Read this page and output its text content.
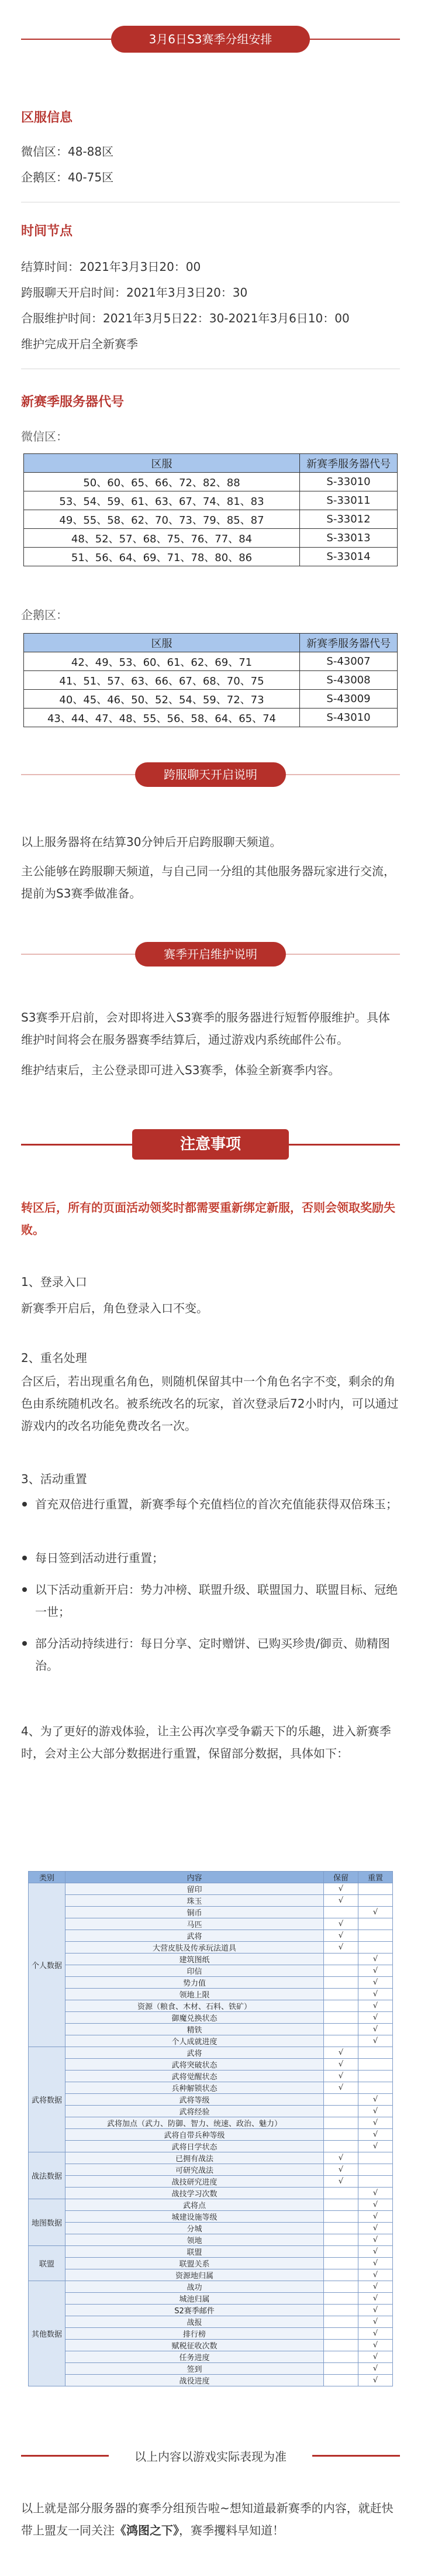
3月6日S3赛季分组安排
区服信息
微信区：48-88区
企鹅区：40-75区
时间节点
结算时间：2021年3月3日20：00
跨服聊天开启时间：2021年3月3日20：30
合服维护时间：2021年3月5日22：30-2021年3月6日10：00
维护完成开启全新赛季
新赛季服务器代号
微信区：
区服	新赛季服务器代号
50、60、65、66、72、82、88	S-33010
53、54、59、61、63、67、74、81、83	S-33011
49、55、58、62、70、73、79、85、87	S-33012
48、52、57、68、75、76、77、84	S-33013
51、56、64、69、71、78、80、86	S-33014
企鹅区：
区服	新赛季服务器代号
42、49、53、60、61、62、69、71	S-43007
41、51、57、63、66、67、68、70、75	S-43008
40、45、46、50、52、54、59、72、73	S-43009
43、44、47、48、55、56、58、64、65、74	S-43010
跨服聊天开启说明
以上服务器将在结算30分钟后开启跨服聊天频道。
主公能够在跨服聊天频道，与自己同一分组的其他服务器玩家进行交流，提前为S3赛季做准备。
赛季开启维护说明
S3赛季开启前，会对即将进入S3赛季的服务器进行短暂停服维护。具体维护时间将会在服务器赛季结算后，通过游戏内系统邮件公布。
维护结束后，主公登录即可进入S3赛季，体验全新赛季内容。
注意事项
转区后，所有的页面活动领奖时都需要重新绑定新服，否则会领取奖励失败。
1、登录入口
新赛季开启后，角色登录入口不变。
2、重名处理
合区后，若出现重名角色，则随机保留其中一个角色名字不变，剩余的角色由系统随机改名。被系统改名的玩家，首次登录后72小时内，可以通过游戏内的改名功能免费改名一次。
3、活动重置
首充双倍进行重置，新赛季每个充值档位的首次充值能获得双倍珠玉；
每日签到活动进行重置；
以下活动重新开启：势力冲榜、联盟升级、联盟国力、联盟目标、冠绝一世；
部分活动持续进行：每日分享、定时赠饼、已购买珍贵/御贡、勋精图治。
4、为了更好的游戏体验，让主公再次享受争霸天下的乐趣，进入新赛季时，会对主公大部分数据进行重置，保留部分数据，具体如下：
类别	内容	保留	重置
个人数据	留印	√	
	珠玉	√	
	铜币		√
	马匹	√	
	武将	√	
	大营皮肤及传承玩法道具	√	
	建筑图纸		√
	印信		√
	势力值		√
	领地上限		√
	资源（粮食、木材、石料、铁矿）		√
	御魔兑换状态		√
	精铁		√
	个人成就进度		√
武将数据	武将	√	
	武将突破状态	√	
	武将觉醒状态	√	
	兵种解锁状态	√	
	武将等级		√
	武将经验		√
	武将加点（武力、防御、智力、统速、政治、魅力）		√
	武将自带兵种等级		√
	武将日学状态		√
战法数据	已拥有战法	√	
	可研究战法	√	
	战技研究进度	√	
	战技学习次数		√
地图数据	武将点		√
	城建设施等级		√
	分城		√
	领地		√
联盟	联盟		√
	联盟关系		√
	资源地归属		√
其他数据	战功		√
	城池归属		√
	S2赛季邮件		√
	战报		√
	排行榜		√
	赋税征收次数		√
	任务进度		√
	签到		√
	战役进度		√
以上内容以游戏实际表现为准
以上就是部分服务器的赛季分组预告啦~想知道最新赛季的内容，就赶快带上盟友一同关注《鸿图之下》，赛季攫料早知道！
